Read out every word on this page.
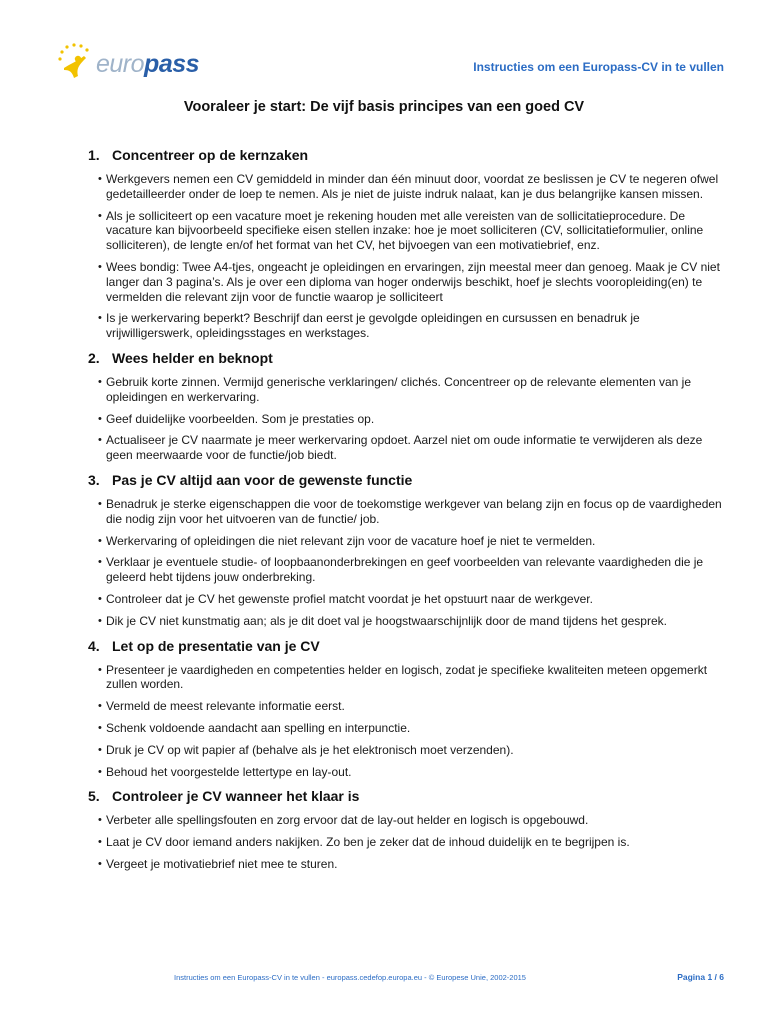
europass	Instructies om een Europass-CV in te vullen
Vooraleer je start: De vijf basis principes van een goed CV
1. Concentreer op de kernzaken
• Werkgevers nemen een CV gemiddeld in minder dan één minuut door, voordat ze beslissen je CV te negeren ofwel gedetailleerder onder de loep te nemen. Als je niet de juiste indruk nalaat, kan je dus belangrijke kansen missen.
• Als je solliciteert op een vacature moet je rekening houden met alle vereisten van de sollicitatieprocedure. De vacature kan bijvoorbeeld specifieke eisen stellen inzake: hoe je moet solliciteren (CV, sollicitatieformulier, online solliciteren), de lengte en/of het format van het CV, het bijvoegen van een motivatiebrief, enz.
• Wees bondig: Twee A4-tjes, ongeacht je opleidingen en ervaringen, zijn meestal meer dan genoeg. Maak je CV niet langer dan 3 pagina’s. Als je over een diploma van hoger onderwijs beschikt, hoef je slechts vooropleiding(en) te vermelden die relevant zijn voor de functie waarop je solliciteert
• Is je werkervaring beperkt? Beschrijf dan eerst je gevolgde opleidingen en cursussen en benadruk je vrijwilligerswerk, opleidingsstages en werkstages.
2. Wees helder en beknopt
• Gebruik korte zinnen. Vermijd generische verklaringen/ clichés. Concentreer op de relevante elementen van je opleidingen en werkervaring.
• Geef duidelijke voorbeelden. Som je prestaties op.
• Actualiseer je CV naarmate je meer werkervaring opdoet. Aarzel niet om oude informatie te verwijderen als deze geen meerwaarde voor de functie/job biedt.
3. Pas je CV altijd aan voor de gewenste functie
• Benadruk je sterke eigenschappen die voor de toekomstige werkgever van belang zijn en focus op de vaardigheden die nodig zijn voor het uitvoeren van de functie/ job.
• Werkervaring of opleidingen die niet relevant zijn voor de vacature hoef je niet te vermelden.
• Verklaar je eventuele studie- of loopbaanonderbrekingen en geef voorbeelden van relevante vaardigheden die je geleerd hebt tijdens jouw onderbreking.
• Controleer dat je CV het gewenste profiel matcht voordat je het opstuurt naar de werkgever.
• Dik je CV niet kunstmatig aan; als je dit doet val je hoogstwaarschijnlijk door de mand tijdens het gesprek.
4. Let op de presentatie van je CV
• Presenteer je vaardigheden en competenties helder en logisch, zodat je specifieke kwaliteiten meteen opgemerkt zullen worden.
• Vermeld de meest relevante informatie eerst.
• Schenk voldoende aandacht aan spelling en interpunctie.
• Druk je CV op wit papier af (behalve als je het elektronisch moet verzenden).
• Behoud het voorgestelde lettertype en lay-out.
5. Controleer je CV wanneer het klaar is
• Verbeter alle spellingsfouten en zorg ervoor dat de lay-out helder en logisch is opgebouwd.
• Laat je CV door iemand anders nakijken. Zo ben je zeker dat de inhoud duidelijk en te begrijpen is.
• Vergeet je motivatiebrief niet mee te sturen.
Instructies om een Europass-CV in te vullen - europass.cedefop.europa.eu - © Europese Unie, 2002-2015	Pagina 1 / 6
